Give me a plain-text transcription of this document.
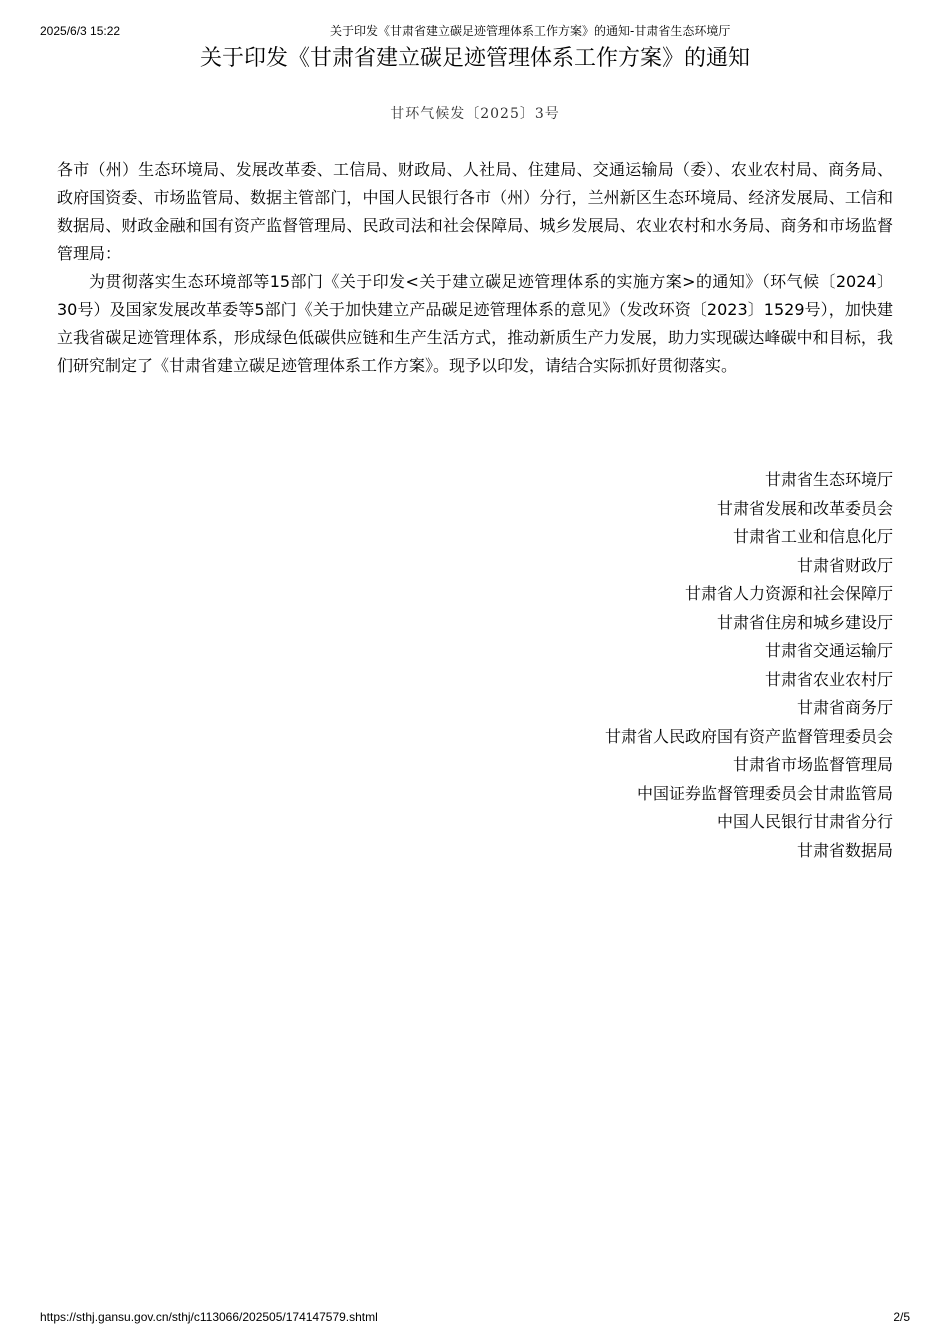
2025/6/3 15:22	关于印发《甘肃省建立碳足迹管理体系工作方案》的通知-甘肃省生态环境厅
关于印发《甘肃省建立碳足迹管理体系工作方案》的通知
甘环气候发〔2025〕3号

各市（州）生态环境局、发展改革委、工信局、财政局、人社局、住建局、交通运输局（委）、农业农村局、商务局、政府国资委、市场监管局、数据主管部门，中国人民银行各市（州）分行，兰州新区生态环境局、经济发展局、工信和数据局、财政金融和国有资产监督管理局、民政司法和社会保障局、城乡发展局、农业农村和水务局、商务和市场监督管理局：

为贯彻落实生态环境部等15部门《关于印发<关于建立碳足迹管理体系的实施方案>的通知》（环气候〔2024〕30号）及国家发展改革委等5部门《关于加快建立产品碳足迹管理体系的意见》（发改环资〔2023〕1529号），加快建立我省碳足迹管理体系，形成绿色低碳供应链和生产生活方式，推动新质生产力发展，助力实现碳达峰碳中和目标，我们研究制定了《甘肃省建立碳足迹管理体系工作方案》。现予以印发，请结合实际抓好贯彻落实。

甘肃省生态环境厅
甘肃省发展和改革委员会
甘肃省工业和信息化厅
甘肃省财政厅
甘肃省人力资源和社会保障厅
甘肃省住房和城乡建设厅
甘肃省交通运输厅
甘肃省农业农村厅
甘肃省商务厅
甘肃省人民政府国有资产监督管理委员会
甘肃省市场监督管理局
中国证券监督管理委员会甘肃监管局
中国人民银行甘肃省分行
甘肃省数据局
https://sthj.gansu.gov.cn/sthj/c113066/202505/174147579.shtml	2/5
